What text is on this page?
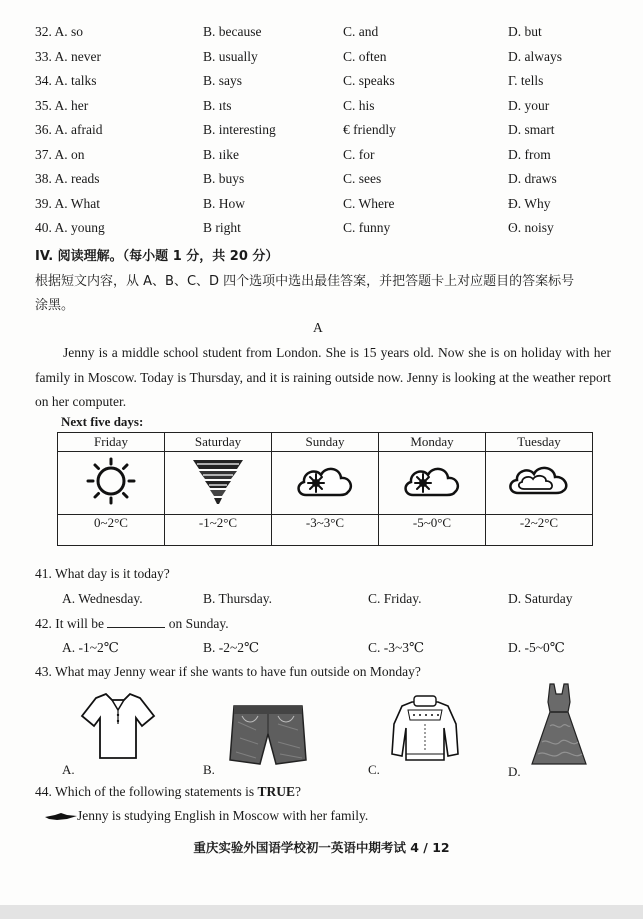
32. A. so	B. because	C. and	D. but
33. A. never	B. usually	C. often	D. always
34. A. talks	B. says	C. speaks	Γ. tells
35. A. her	B. ıts	C. his	D. your
36. A. afraid	B. interesting	€ friendly	D. smart
37. A. on	B. ıike	C. for	D. from
38. A. reads	B. buys	C. sees	D. draws
39. A. What	B. How	C. Where	Đ. Why
40. A. young	B right	C. funny	ʘ. noisy
IV. 阅读理解。（每小题 1 分，共 20 分）
根据短文内容，从 A、B、C、D 四个选项中选出最佳答案，并把答题卡上对应题目的答案标号
涂黑。
A
Jenny is a middle school student from London. She is 15 years old. Now she is on holiday with her family in Moscow. Today is Thursday, and it is raining outside now. Jenny is looking at the weather report on her computer.
Next five days:
Friday	Saturday	Sunday	Monday	Tuesday

0~2°C	-1~2°C	-3~3°C	-5~0°C	-2~2°C
41. What day is it today?
A. Wednesday.	B. Thursday.	C. Friday.	D. Saturday
42. It will be	on Sunday.
A. -1~2℃	B. -2~2℃	C. -3~3℃	D. -5~0℃
43. What may Jenny wear if she wants to have fun outside on Monday?
A.	B.	C.	D.
44. Which of the following statements is TRUE?
Jenny is studying English in Moscow with her family.
重庆实验外国语学校初一英语中期考试 4 / 12
